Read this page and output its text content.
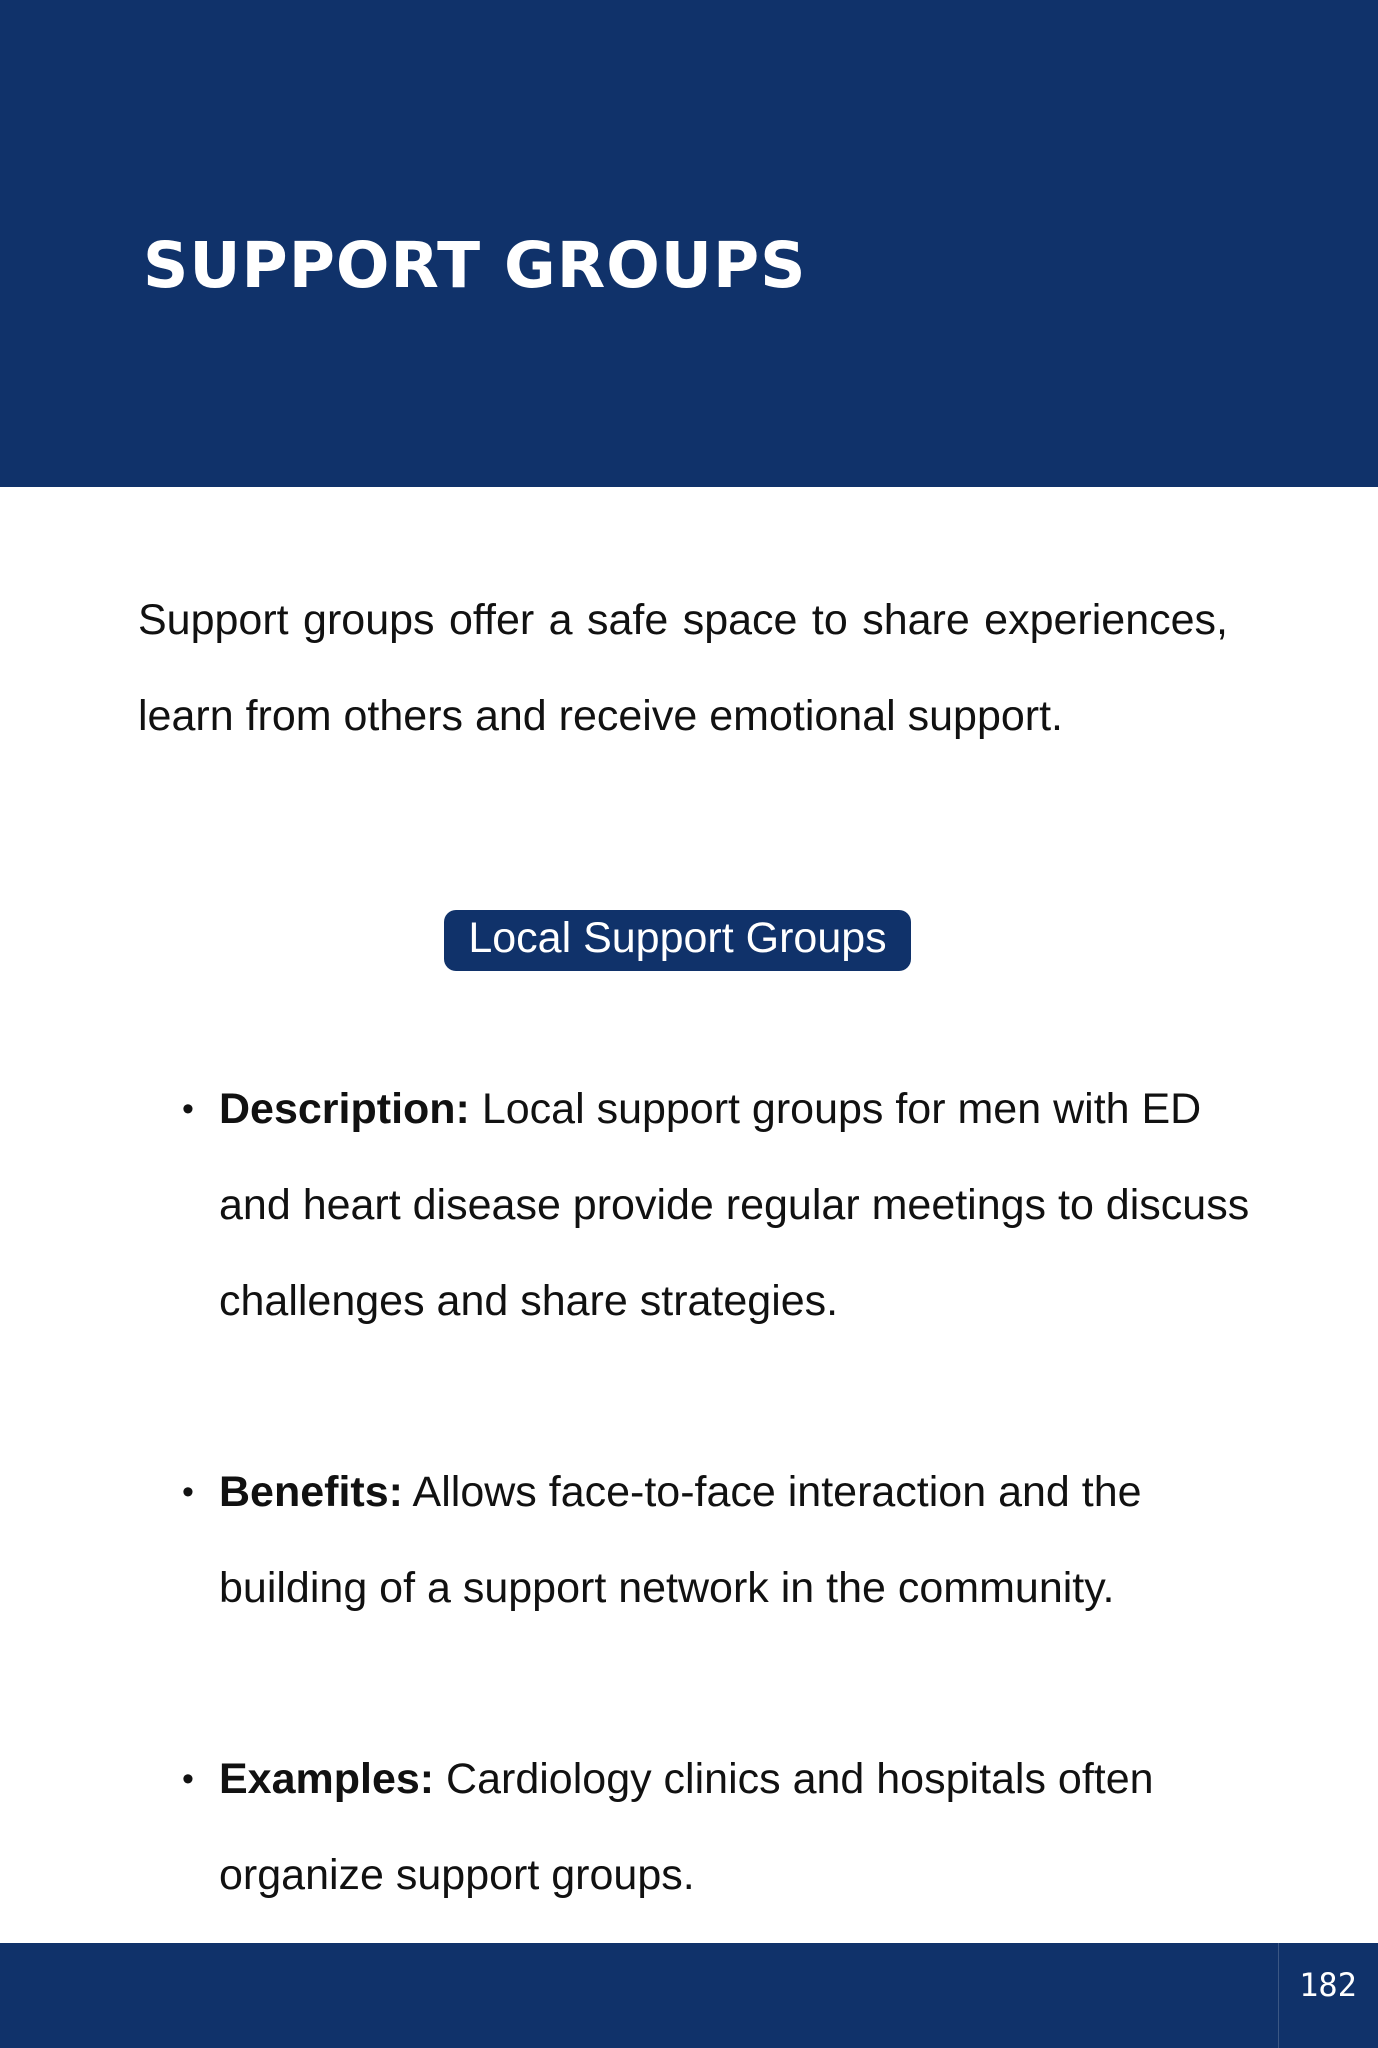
SUPPORT GROUPS

Support groups offer a safe space to share experiences, learn from others and receive emotional support.

Local Support Groups
• Description: Local support groups for men with ED and heart disease provide regular meetings to discuss challenges and share strategies.
• Benefits: Allows face-to-face interaction and the building of a support network in the community.
• Examples: Cardiology clinics and hospitals often organize support groups.
182
